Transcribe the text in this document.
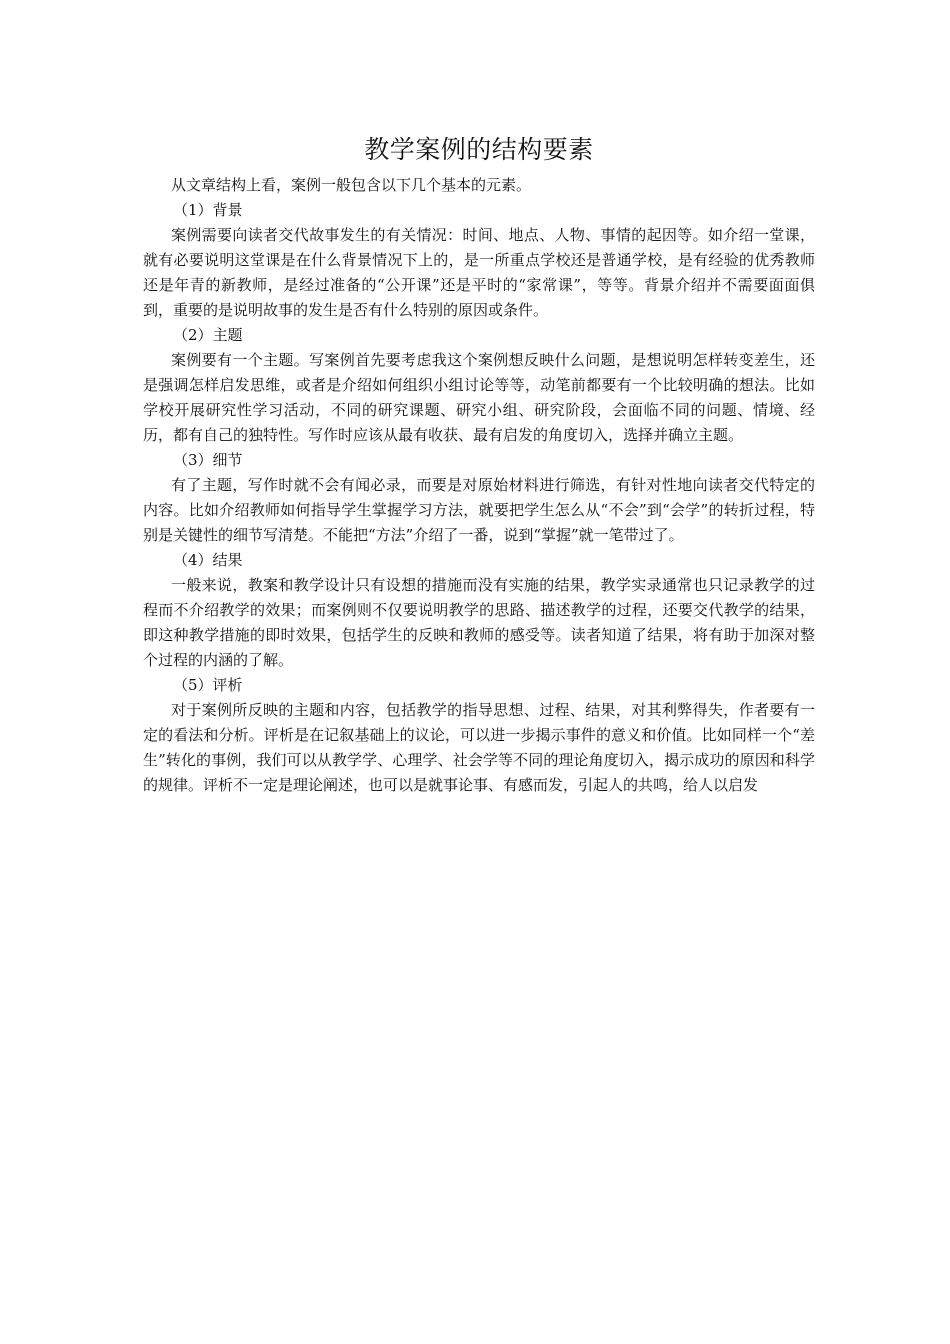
教学案例的结构要素

从文章结构上看，案例一般包含以下几个基本的元素。

（1）背景

案例需要向读者交代故事发生的有关情况：时间、地点、人物、事情的起因等。如介绍一堂课，就有必要说明这堂课是在什么背景情况下上的，是一所重点学校还是普通学校，是有经验的优秀教师还是年青的新教师，是经过准备的“公开课”还是平时的“家常课”，等等。背景介绍并不需要面面俱到，重要的是说明故事的发生是否有什么特别的原因或条件。

（2）主题

案例要有一个主题。写案例首先要考虑我这个案例想反映什么问题，是想说明怎样转变差生，还是强调怎样启发思维，或者是介绍如何组织小组讨论等等，动笔前都要有一个比较明确的想法。比如学校开展研究性学习活动，不同的研究课题、研究小组、研究阶段，会面临不同的问题、情境、经历，都有自己的独特性。写作时应该从最有收获、最有启发的角度切入，选择并确立主题。

（3）细节

有了主题，写作时就不会有闻必录，而要是对原始材料进行筛选，有针对性地向读者交代特定的内容。比如介绍教师如何指导学生掌握学习方法，就要把学生怎么从“不会”到“会学”的转折过程，特别是关键性的细节写清楚。不能把“方法”介绍了一番，说到“掌握”就一笔带过了。

（4）结果

一般来说，教案和教学设计只有设想的措施而没有实施的结果，教学实录通常也只记录教学的过程而不介绍教学的效果；而案例则不仅要说明教学的思路、描述教学的过程，还要交代教学的结果，即这种教学措施的即时效果，包括学生的反映和教师的感受等。读者知道了结果，将有助于加深对整个过程的内涵的了解。

（5）评析

对于案例所反映的主题和内容，包括教学的指导思想、过程、结果，对其利弊得失，作者要有一定的看法和分析。评析是在记叙基础上的议论，可以进一步揭示事件的意义和价值。比如同样一个“差生”转化的事例，我们可以从教学学、心理学、社会学等不同的理论角度切入，揭示成功的原因和科学的规律。评析不一定是理论阐述，也可以是就事论事、有感而发，引起人的共鸣，给人以启发
